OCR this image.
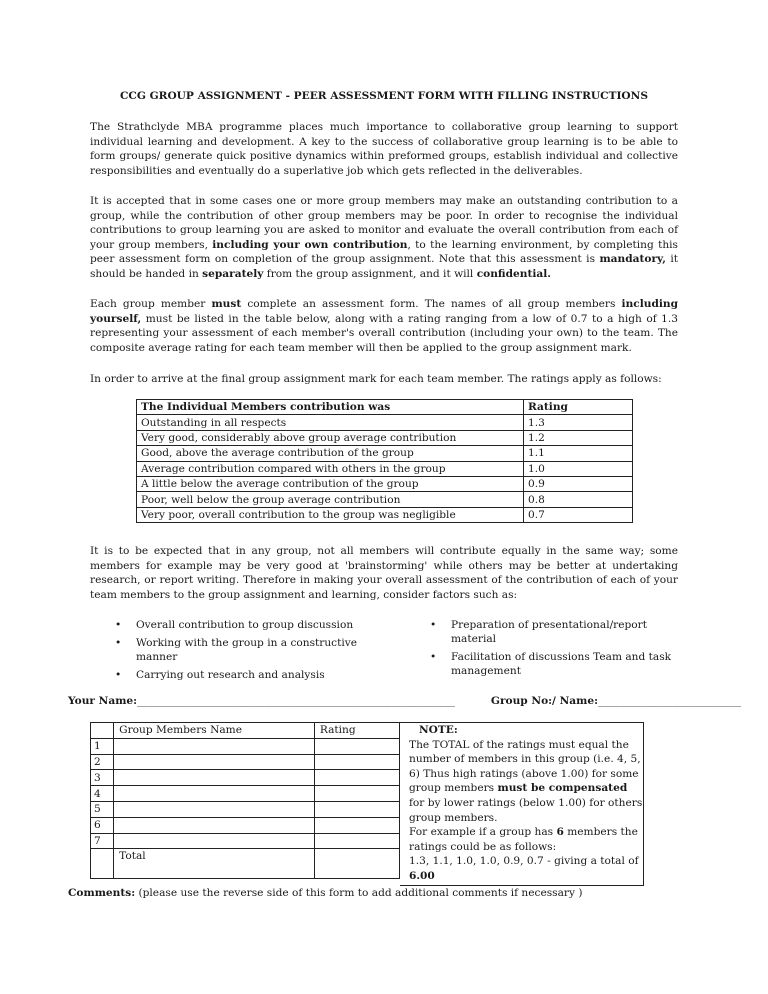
CCG GROUP ASSIGNMENT - PEER ASSESSMENT FORM WITH FILLING INSTRUCTIONS
The Strathclyde MBA programme places much importance to collaborative group learning to support individual learning and development. A key to the success of collaborative group learning is to be able to form groups/ generate quick positive dynamics within preformed groups, establish individual and collective responsibilities and eventually do a superlative job which gets reflected in the deliverables.
It is accepted that in some cases one or more group members may make an outstanding contribution to a group, while the contribution of other group members may be poor. In order to recognise the individual contributions to group learning you are asked to monitor and evaluate the overall contribution from each of your group members, including your own contribution, to the learning environment, by completing this peer assessment form on completion of the group assignment. Note that this assessment is mandatory, it should be handed in separately from the group assignment, and it will confidential.
Each group member must complete an assessment form. The names of all group members including yourself, must be listed in the table below, along with a rating ranging from a low of 0.7 to a high of 1.3 representing your assessment of each member's overall contribution (including your own) to the team. The composite average rating for each team member will then be applied to the group assignment mark.
In order to arrive at the final group assignment mark for each team member. The ratings apply as follows:
The Individual Members contribution was	Rating
Outstanding in all respects	1.3
Very good, considerably above group average contribution	1.2
Good, above the average contribution of the group	1.1
Average contribution compared with others in the group	1.0
A little below the average contribution of the group	0.9
Poor, well below the group average contribution	0.8
Very poor, overall contribution to the group was negligible	0.7
It is to be expected that in any group, not all members will contribute equally in the same way; some members for example may be very good at 'brainstorming' while others may be better at undertaking research, or report writing. Therefore in making your overall assessment of the contribution of each of your team members to the group assignment and learning, consider factors such as:
• Overall contribution to group discussion
• Working with the group in a constructive manner
• Carrying out research and analysis
• Preparation of presentational/report material
• Facilitation of discussions Team and task management
Your Name:____________________________________________________________	Group No:/ Name:___________________________
	Group Members Name	Rating
1		
2		
3		
4		
5		
6		
7		
	Total	
NOTE:
The TOTAL of the ratings must equal the number of members in this group (i.e. 4, 5, 6) Thus high ratings (above 1.00) for some group members must be compensated for by lower ratings (below 1.00) for others group members.
For example if a group has 6 members the ratings could be as follows:
1.3, 1.1, 1.0, 1.0, 0.9, 0.7 - giving a total of
6.00
Comments: (please use the reverse side of this form to add additional comments if necessary )
